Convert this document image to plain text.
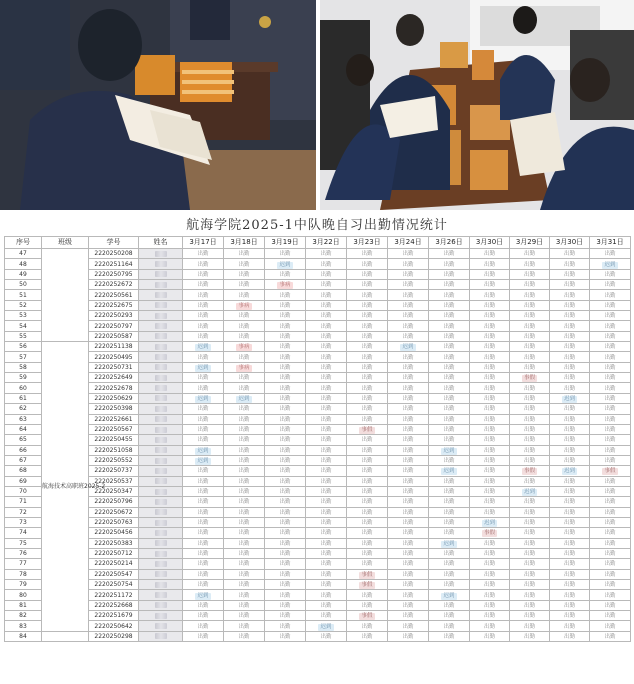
航海学院2025-1中队晚自习出勤情况统计
序号	班级	学号	姓名	3月17日	3月18日	3月19日	3月22日	3月23日	3月24日	3月26日	3月30日	3月29日	3月30日	3月31日
47		2220250208		出勤	出勤	出勤	出勤	出勤	出勤	出勤	出勤	出勤	出勤	出勤
48		2220251164		出勤	出勤	迟到	出勤	出勤	出勤	出勤	出勤	出勤	出勤	迟到
49		2220250795		出勤	出勤	出勤	出勤	出勤	出勤	出勤	出勤	出勤	出勤	出勤
50		2220252672		出勤	出勤	事病	出勤	出勤	出勤	出勤	出勤	出勤	出勤	出勤
51		2220250561		出勤	出勤	出勤	出勤	出勤	出勤	出勤	出勤	出勤	出勤	出勤
52		2220252675		出勤	事病	出勤	出勤	出勤	出勤	出勤	出勤	出勤	出勤	出勤
53		2220250293		出勤	出勤	出勤	出勤	出勤	出勤	出勤	出勤	出勤	出勤	出勤
54		2220250797		出勤	出勤	出勤	出勤	出勤	出勤	出勤	出勤	出勤	出勤	出勤
55		2220250587		出勤	出勤	出勤	出勤	出勤	出勤	出勤	出勤	出勤	出勤	出勤
56	航海技术高职班2025-2	2220251138		迟到	事病	出勤	出勤	出勤	迟到	出勤	出勤	出勤	出勤	出勤
57		2220250495		出勤	出勤	出勤	出勤	出勤	出勤	出勤	出勤	出勤	出勤	出勤
58		2220250731		迟到	事病	出勤	出勤	出勤	出勤	出勤	出勤	出勤	出勤	出勤
59		2220252649		出勤	出勤	出勤	出勤	出勤	出勤	出勤	出勤	事假	出勤	出勤
60		2220252678		出勤	出勤	出勤	出勤	出勤	出勤	出勤	出勤	出勤	出勤	出勤
61		2220250629		迟到	迟到	出勤	出勤	出勤	出勤	出勤	出勤	出勤	迟到	出勤
62		2220250398		出勤	出勤	出勤	出勤	出勤	出勤	出勤	出勤	出勤	出勤	出勤
63		2220252661		出勤	出勤	出勤	出勤	出勤	出勤	出勤	出勤	出勤	出勤	出勤
64		2220250567		出勤	出勤	出勤	出勤	事假	出勤	出勤	出勤	出勤	出勤	出勤
65		2220250455		出勤	出勤	出勤	出勤	出勤	出勤	出勤	出勤	出勤	出勤	出勤
66		2220251058		迟到	出勤	出勤	出勤	出勤	出勤	迟到	出勤	出勤	出勤	出勤
67		2220250552		迟到	出勤	出勤	出勤	出勤	出勤	出勤	出勤	出勤	出勤	出勤
68		2220250737		出勤	出勤	出勤	出勤	出勤	出勤	迟到	出勤	事假	迟到	事假
69		2220250537		出勤	出勤	出勤	出勤	出勤	出勤	出勤	出勤	出勤	出勤	出勤
70		2220250347		出勤	出勤	出勤	出勤	出勤	出勤	出勤	出勤	迟到	出勤	出勤
71		2220250796		出勤	出勤	出勤	出勤	出勤	出勤	出勤	出勤	出勤	出勤	出勤
72		2220250672		出勤	出勤	出勤	出勤	出勤	出勤	出勤	出勤	出勤	出勤	出勤
73		2220250763		出勤	出勤	出勤	出勤	出勤	出勤	出勤	迟到	出勤	出勤	出勤
74		2220250456		出勤	出勤	出勤	出勤	出勤	出勤	出勤	事假	出勤	出勤	出勤
75		2220250383		出勤	出勤	出勤	出勤	出勤	出勤	迟到	出勤	出勤	出勤	出勤
76		2220250712		出勤	出勤	出勤	出勤	出勤	出勤	出勤	出勤	出勤	出勤	出勤
77		2220250214		出勤	出勤	出勤	出勤	出勤	出勤	出勤	出勤	出勤	出勤	出勤
78		2220250547		出勤	出勤	出勤	出勤	事假	出勤	出勤	出勤	出勤	出勤	出勤
79		2220250754		出勤	出勤	出勤	出勤	事假	出勤	出勤	出勤	出勤	出勤	出勤
80		2220251172		迟到	出勤	出勤	出勤	出勤	出勤	迟到	出勤	出勤	出勤	出勤
81		2220252668		出勤	出勤	出勤	出勤	出勤	出勤	出勤	出勤	出勤	出勤	出勤
82		2220251679		出勤	出勤	出勤	出勤	事假	出勤	出勤	出勤	出勤	出勤	出勤
83		2220250642		出勤	出勤	出勤	迟到	出勤	出勤	出勤	出勤	出勤	出勤	出勤
84		2220250298		出勤	出勤	出勤	出勤	出勤	出勤	出勤	出勤	出勤	出勤	出勤
